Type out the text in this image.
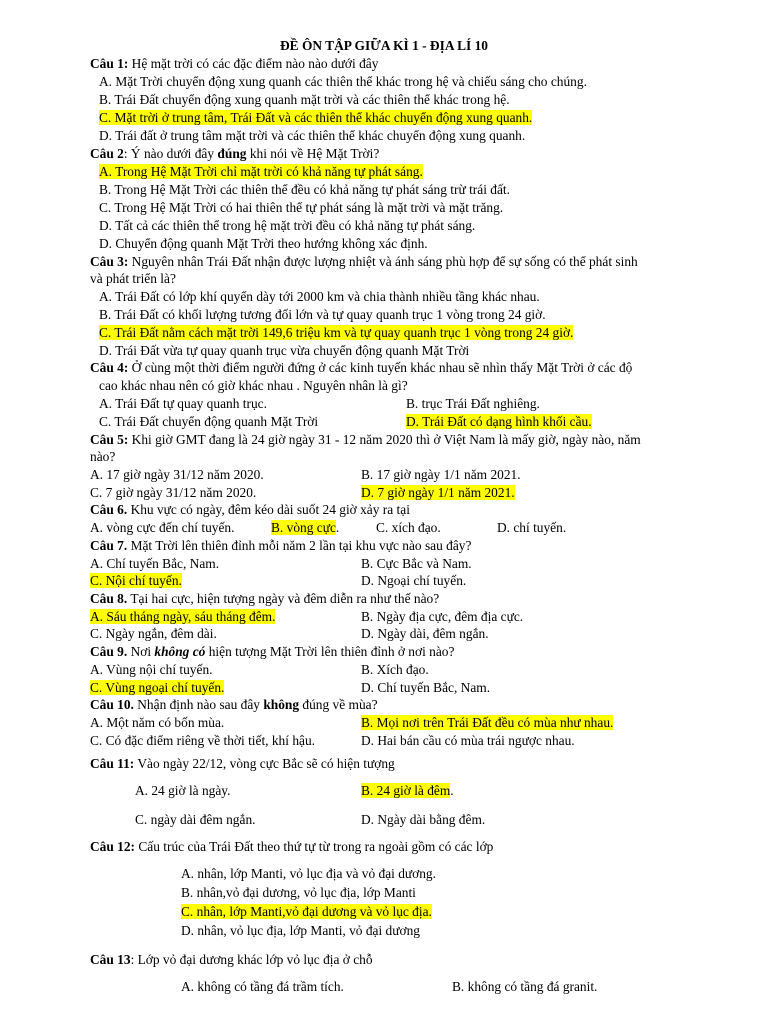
ĐỀ ÔN TẬP GIỮA KÌ 1 - ĐỊA LÍ 10
Câu 1: Hệ mặt trời có các đặc điểm nào nào dưới đây
A. Mặt Trời chuyển động xung quanh các thiên thể khác trong hệ và chiếu sáng cho chúng.
B. Trái Đất chuyển động xung quanh mặt trời và các thiên thể khác trong hệ.
C. Mặt trời ở trung tâm, Trái Đất và các thiên thể khác chuyển động xung quanh.
D. Trái đất ở trung tâm mặt trời và các thiên thể khác chuyển động xung quanh.
Câu 2: Ý nào dưới đây đúng khi nói về Hệ Mặt Trời?
A. Trong Hệ Mặt Trời chỉ mặt trời có khả năng tự phát sáng.
B. Trong Hệ Mặt Trời các thiên thể đều có khả năng tự phát sáng trừ trái đất.
C. Trong Hệ Mặt Trời có hai thiên thể tự phát sáng là mặt trời và mặt trăng.
D. Tất cả các thiên thể trong hệ mặt trời đều có khả năng tự phát sáng.
D. Chuyển động quanh Mặt Trời theo hướng không xác định.
Câu 3: Nguyên nhân Trái Đất nhận được lượng nhiệt và ánh sáng phù hợp để sự sống có thể phát sinh
và phát triển là?
A. Trái Đất có lớp khí quyển dày tới 2000 km và chia thành nhiều tầng khác nhau.
B. Trái Đất có khối lượng tương đối lớn và tự quay quanh trục 1 vòng trong 24 giờ.
C. Trái Đất nằm cách mặt trời 149,6 triệu km và tự quay quanh trục 1 vòng trong 24 giờ.
D. Trái Đất vừa tự quay quanh trục vừa chuyển động quanh Mặt Trời
Câu 4: Ở cùng một thời điểm người đứng ở các kinh tuyến khác nhau sẽ nhìn thấy Mặt Trời ở các độ
cao khác nhau nên có giờ khác nhau . Nguyên nhân là gì?
A. Trái Đất tự quay quanh trục.	B. trục Trái Đất nghiêng.
C. Trái Đất chuyển động quanh Mặt Trời	D. Trái Đất có dạng hình khối cầu.
Câu 5: Khi giờ GMT đang là 24 giờ ngày 31 - 12 năm 2020 thì ở Việt Nam là mấy giờ, ngày nào, năm
nào?
A. 17 giờ ngày 31/12 năm 2020.	B. 17 giờ ngày 1/1 năm 2021.
C. 7 giờ ngày 31/12 năm 2020.	D. 7 giờ ngày 1/1 năm 2021.
Câu 6. Khu vực có ngày, đêm kéo dài suốt 24 giờ xảy ra tại
A. vòng cực đến chí tuyến.	B. vòng cực.	C. xích đạo.	D. chí tuyến.
Câu 7. Mặt Trời lên thiên đỉnh mỗi năm 2 lần tại khu vực nào sau đây?
A. Chí tuyến Bắc, Nam.	B. Cực Bắc và Nam.
C. Nội chí tuyến.	D. Ngoại chí tuyến.
Câu 8. Tại hai cực, hiện tượng ngày và đêm diễn ra như thế nào?
A. Sáu tháng ngày, sáu tháng đêm.	B. Ngày địa cực, đêm địa cực.
C. Ngày ngắn, đêm dài.	D. Ngày dài, đêm ngắn.
Câu 9. Nơi không có hiện tượng Mặt Trời lên thiên đỉnh ở nơi nào?
A. Vùng nội chí tuyến.	B. Xích đạo.
C. Vùng ngoại chí tuyến.	D. Chí tuyến Bắc, Nam.
Câu 10. Nhận định nào sau đây không đúng về mùa?
A. Một năm có bốn mùa.	B. Mọi nơi trên Trái Đất đều có mùa như nhau.
C. Có đặc điểm riêng về thời tiết, khí hậu.	D. Hai bán cầu có mùa trái ngược nhau.
Câu 11: Vào ngày 22/12, vòng cực Bắc sẽ có hiện tượng
A. 24 giờ là ngày.	B. 24 giờ là đêm.
C. ngày dài đêm ngắn.	D. Ngày dài bằng đêm.
Câu 12: Cấu trúc của Trái Đất theo thứ tự từ trong ra ngoài gồm có các lớp
A. nhân, lớp Manti, vỏ lục địa và vỏ đại dương.
B. nhân,vỏ đại dương, vỏ lục địa, lớp Manti
C. nhân, lớp Manti,vỏ đại dương và vỏ lục địa.
D. nhân, vỏ lục địa, lớp Manti, vỏ đại dương
Câu 13: Lớp vỏ đại dương khác lớp vỏ lục địa ở chỗ
A. không có tầng đá trầm tích.	B. không có tầng đá granit.
